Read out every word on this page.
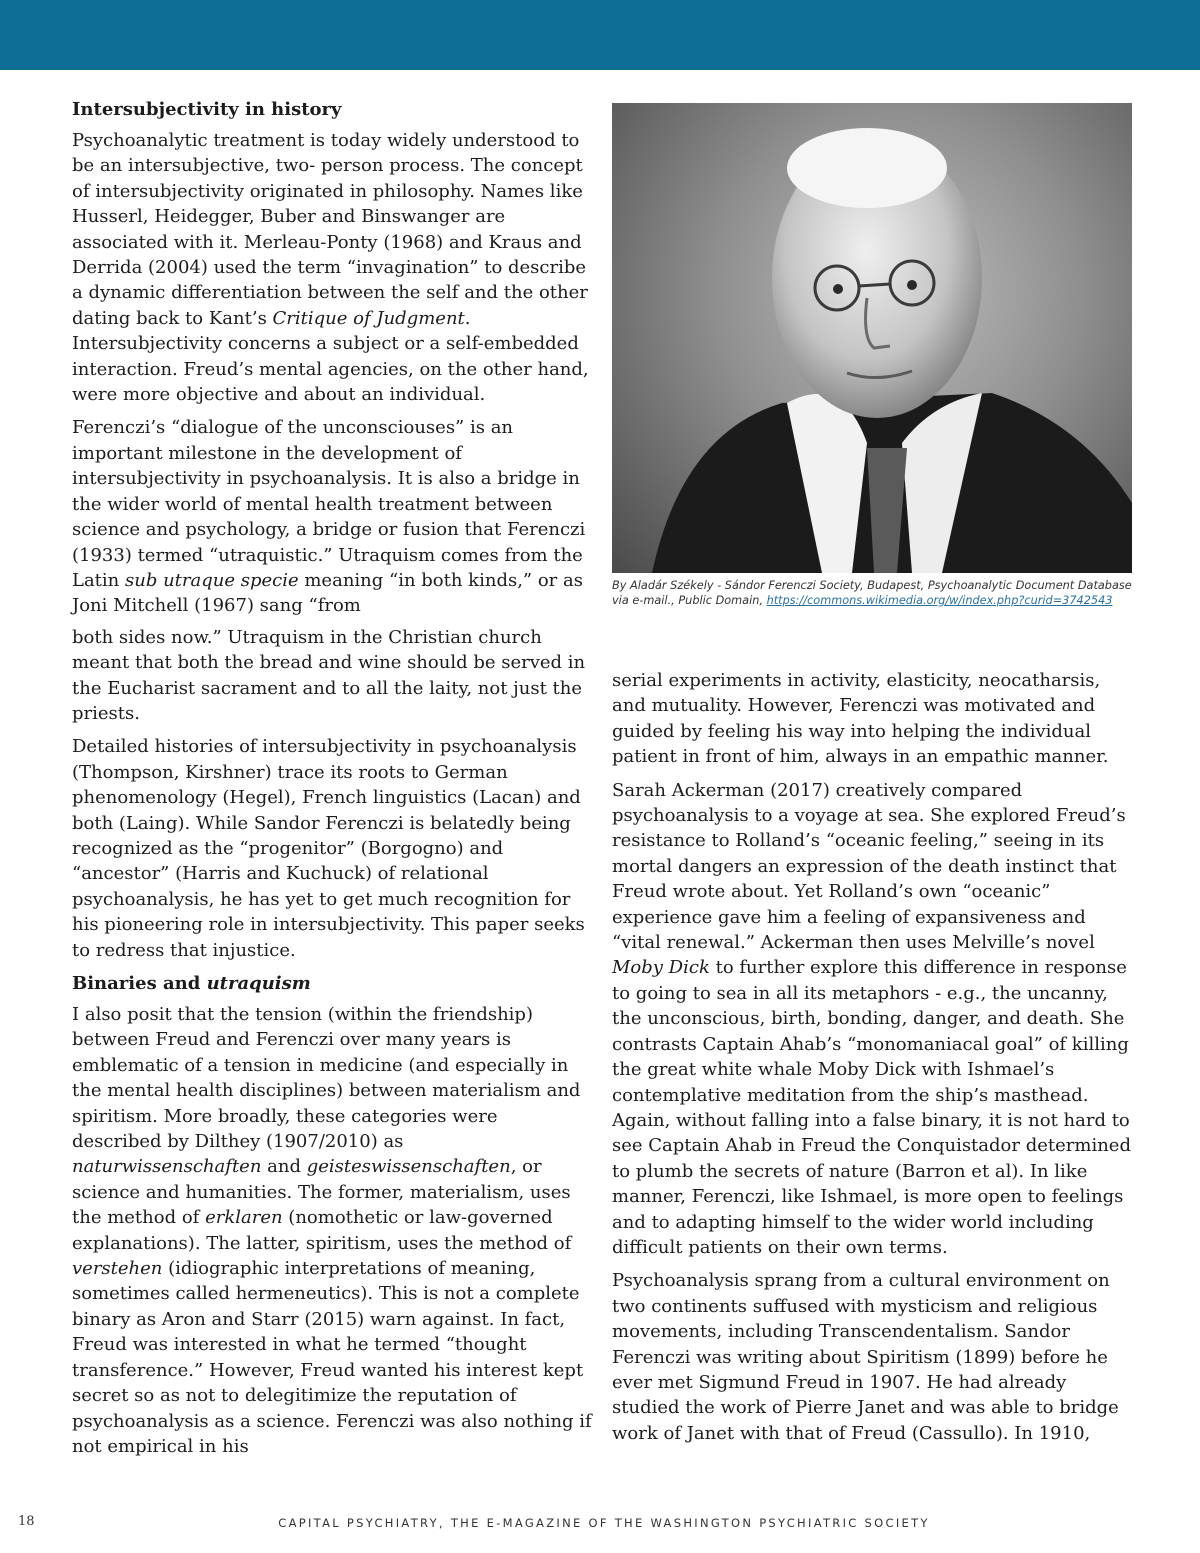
Intersubjectivity in history

Psychoanalytic treatment is today widely understood to be an intersubjective, two- person process. The concept of intersubjectivity originated in philosophy. Names like Husserl, Heidegger, Buber and Binswanger are associated with it. Merleau-Ponty (1968) and Kraus and Derrida (2004) used the term “invagination” to describe a dynamic differentiation between the self and the other dating back to Kant’s Critique of Judgment. Intersubjectivity concerns a subject or a self-embedded interaction. Freud’s mental agencies, on the other hand, were more objective and about an individual.

Ferenczi’s “dialogue of the unconsciouses” is an important milestone in the development of intersubjectivity in psychoanalysis. It is also a bridge in the wider world of mental health treatment between science and psychology, a bridge or fusion that Ferenczi (1933) termed “utraquistic.” Utraquism comes from the Latin sub utraque specie meaning “in both kinds,” or as Joni Mitchell (1967) sang “from

both sides now.” Utraquism in the Christian church meant that both the bread and wine should be served in the Eucharist sacrament and to all the laity, not just the priests.

Detailed histories of intersubjectivity in psychoanalysis (Thompson, Kirshner) trace its roots to German phenomenology (Hegel), French linguistics (Lacan) and both (Laing). While Sandor Ferenczi is belatedly being recognized as the “progenitor” (Borgogno) and “ancestor” (Harris and Kuchuck) of relational psychoanalysis, he has yet to get much recognition for his pioneering role in intersubjectivity. This paper seeks to redress that injustice.

Binaries and utraquism

I also posit that the tension (within the friendship) between Freud and Ferenczi over many years is emblematic of a tension in medicine (and especially in the mental health disciplines) between materialism and spiritism. More broadly, these categories were described by Dilthey (1907/2010) as naturwissenschaften and geisteswissenschaften, or science and humanities. The former, materialism, uses the method of erklaren (nomothetic or law-governed explanations). The latter, spiritism, uses the method of verstehen (idiographic interpretations of meaning, sometimes called hermeneutics). This is not a complete binary as Aron and Starr (2015) warn against. In fact, Freud was interested in what he termed “thought transference.” However, Freud wanted his interest kept secret so as not to delegitimize the reputation of psychoanalysis as a science. Ferenczi was also nothing if not empirical in his

By Aladár Székely - Sándor Ferenczi Society, Budapest, Psychoanalytic Document Database via e-mail., Public Domain, https://commons.wikimedia.org/w/index.php?curid=3742543

serial experiments in activity, elasticity, neocatharsis, and mutuality. However, Ferenczi was motivated and guided by feeling his way into helping the individual patient in front of him, always in an empathic manner.

Sarah Ackerman (2017) creatively compared psychoanalysis to a voyage at sea. She explored Freud’s resistance to Rolland’s “oceanic feeling,” seeing in its mortal dangers an expression of the death instinct that Freud wrote about. Yet Rolland’s own “oceanic” experience gave him a feeling of expansiveness and “vital renewal.” Ackerman then uses Melville’s novel Moby Dick to further explore this difference in response to going to sea in all its metaphors - e.g., the uncanny, the unconscious, birth, bonding, danger, and death. She contrasts Captain Ahab’s “monomaniacal goal” of killing the great white whale Moby Dick with Ishmael’s contemplative meditation from the ship’s masthead. Again, without falling into a false binary, it is not hard to see Captain Ahab in Freud the Conquistador determined to plumb the secrets of nature (Barron et al). In like manner, Ferenczi, like Ishmael, is more open to feelings and to adapting himself to the wider world including difficult patients on their own terms.

Psychoanalysis sprang from a cultural environment on two continents suffused with mysticism and religious movements, including Transcendentalism. Sandor Ferenczi was writing about Spiritism (1899) before he ever met Sigmund Freud in 1907. He had already studied the work of Pierre Janet and was able to bridge work of Janet with that of Freud (Cassullo). In 1910,

18	CAPITAL PSYCHIATRY, THE E-MAGAZINE OF THE WASHINGTON PSYCHIATRIC SOCIETY
